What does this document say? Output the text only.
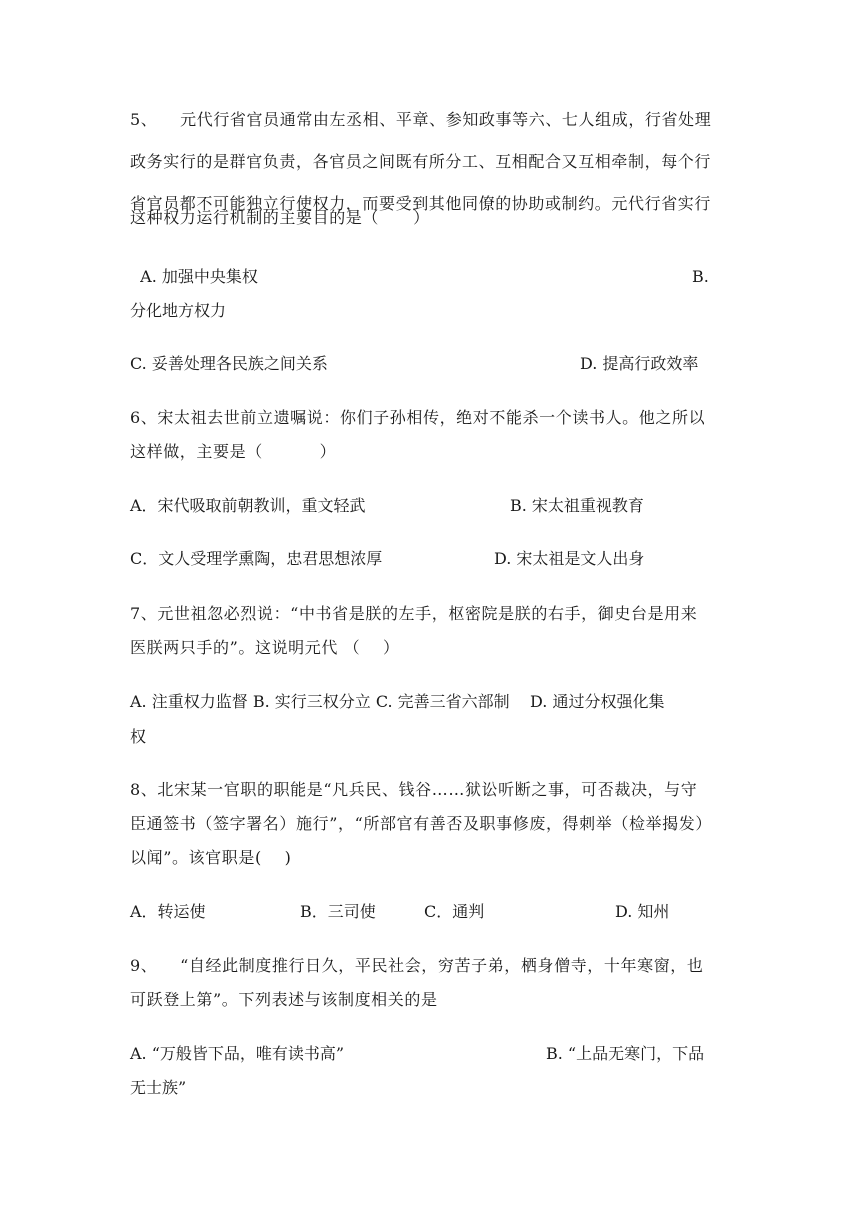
5、    元代行省官员通常由左丞相、平章、参知政事等六、七人组成，行省处理
政务实行的是群官负责，各官员之间既有所分工、互相配合又互相牵制，每个行
省官员都不可能独立行使权力，而要受到其他同僚的协助或制约。元代行省实行
这种权力运行机制的主要目的是（      ）
A. 加强中央集权	B.
分化地方权力
C. 妥善处理各民族之间关系	D. 提高行政效率
6、宋太祖去世前立遗嘱说：你们子孙相传，绝对不能杀一个读书人。他之所以
这样做，主要是（          ）
A．宋代吸取前朝教训，重文轻武	B. 宋太祖重视教育
C．文人受理学熏陶，忠君思想浓厚	D. 宋太祖是文人出身
7、元世祖忽必烈说：“中书省是朕的左手，枢密院是朕的右手，御史台是用来
医朕两只手的”。这说明元代 （    ）
A. 注重权力监督 B. 实行三权分立 C. 完善三省六部制    D. 通过分权强化集
权
8、北宋某一官职的职能是“凡兵民、钱谷……狱讼听断之事，可否裁决，与守
臣通签书（签字署名）施行”，“所部官有善否及职事修废，得刺举（检举揭发）
以闻”。该官职是(    )
A．转运使	B．三司使	C．通判	D. 知州
9、    “自经此制度推行日久，平民社会，穷苦子弟，栖身僧寺，十年寒窗，也
可跃登上第”。下列表述与该制度相关的是
A. “万般皆下品，唯有读书高”	B. “上品无寒门，下品
无士族”
